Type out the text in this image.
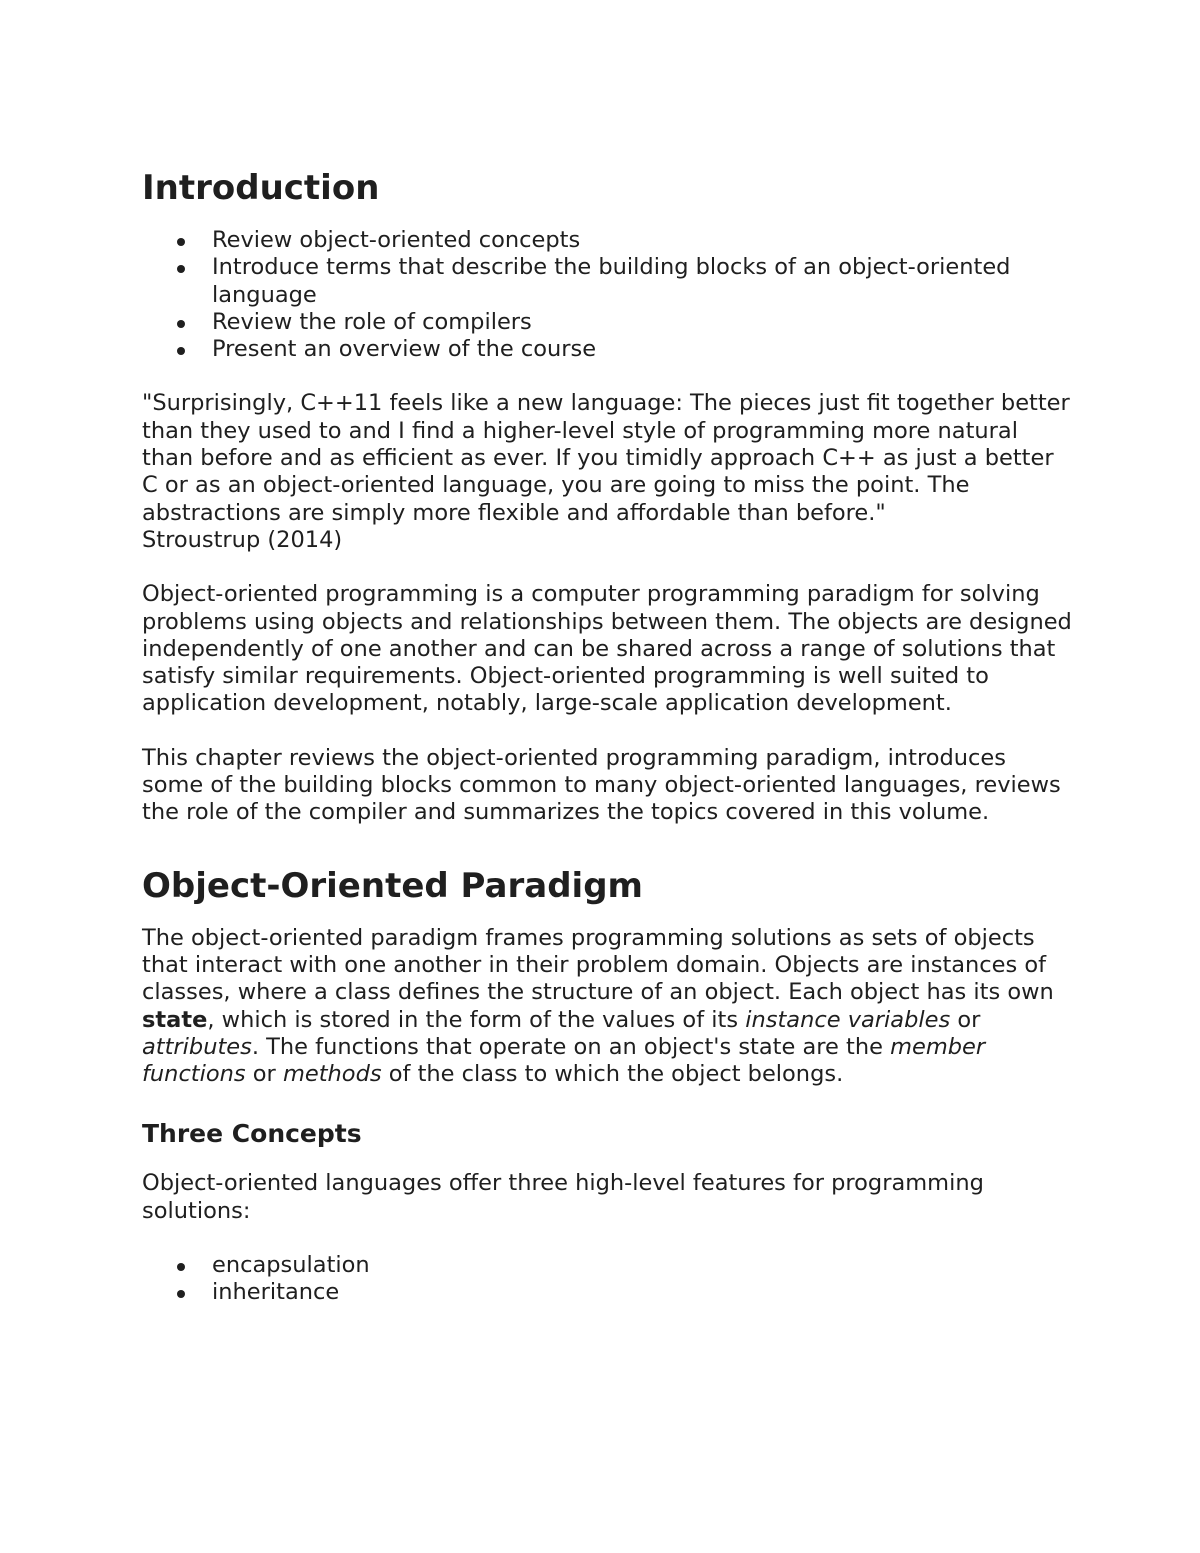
Introduction
Review object-oriented concepts
Introduce terms that describe the building blocks of an object-oriented language
Review the role of compilers
Present an overview of the course

"Surprisingly, C++11 feels like a new language: The pieces just fit together better than they used to and I find a higher-level style of programming more natural than before and as efficient as ever. If you timidly approach C++ as just a better C or as an object-oriented language, you are going to miss the point. The abstractions are simply more flexible and affordable than before."
Stroustrup (2014)

Object-oriented programming is a computer programming paradigm for solving problems using objects and relationships between them. The objects are designed independently of one another and can be shared across a range of solutions that satisfy similar requirements. Object-oriented programming is well suited to application development, notably, large-scale application development.

This chapter reviews the object-oriented programming paradigm, introduces some of the building blocks common to many object-oriented languages, reviews the role of the compiler and summarizes the topics covered in this volume.

Object-Oriented Paradigm

The object-oriented paradigm frames programming solutions as sets of objects that interact with one another in their problem domain. Objects are instances of classes, where a class defines the structure of an object. Each object has its own state, which is stored in the form of the values of its instance variables or attributes. The functions that operate on an object's state are the member functions or methods of the class to which the object belongs.

Three Concepts

Object-oriented languages offer three high-level features for programming solutions:

encapsulation
inheritance
